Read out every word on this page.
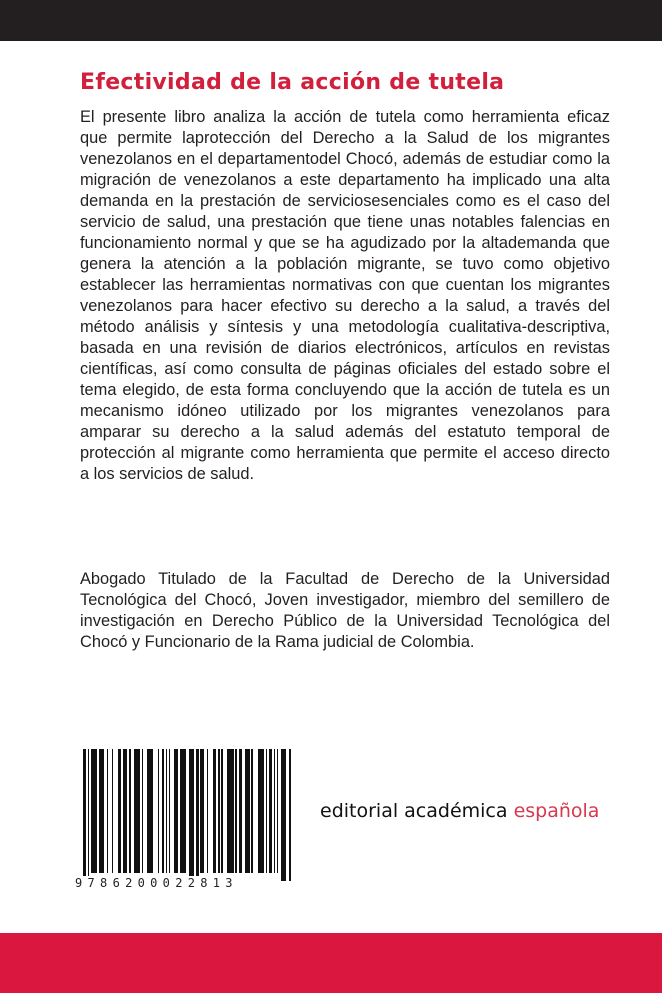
Efectividad de la acción de tutela
El presente libro analiza la acción de tutela como herramienta eficaz
que permite laprotección del Derecho a la Salud de los migrantes
venezolanos en el departamentodel Chocó, además de estudiar como la
migración de venezolanos a este departamento ha implicado una alta
demanda en la prestación de serviciosesenciales como es el caso del
servicio de salud, una prestación que tiene unas notables falencias en
funcionamiento normal y que se ha agudizado por la altademanda que
genera la atención a la población migrante, se tuvo como objetivo
establecer las herramientas normativas con que cuentan los migrantes
venezolanos para hacer efectivo su derecho a la salud, a través del
método análisis y síntesis y una metodología cualitativa-descriptiva,
basada en una revisión de diarios electrónicos, artículos en revistas
científicas, así como consulta de páginas oficiales del estado sobre el
tema elegido, de esta forma concluyendo que la acción de tutela es un
mecanismo idóneo utilizado por los migrantes venezolanos para
amparar su derecho a la salud además del estatuto temporal de
protección al migrante como herramienta que permite el acceso directo
a los servicios de salud.
Abogado Titulado de la Facultad de Derecho de la Universidad
Tecnológica del Chocó, Joven investigador, miembro del semillero de
investigación en Derecho Público de la Universidad Tecnológica del
Chocó y Funcionario de la Rama judicial de Colombia.
9786200022813
editorial académica española
